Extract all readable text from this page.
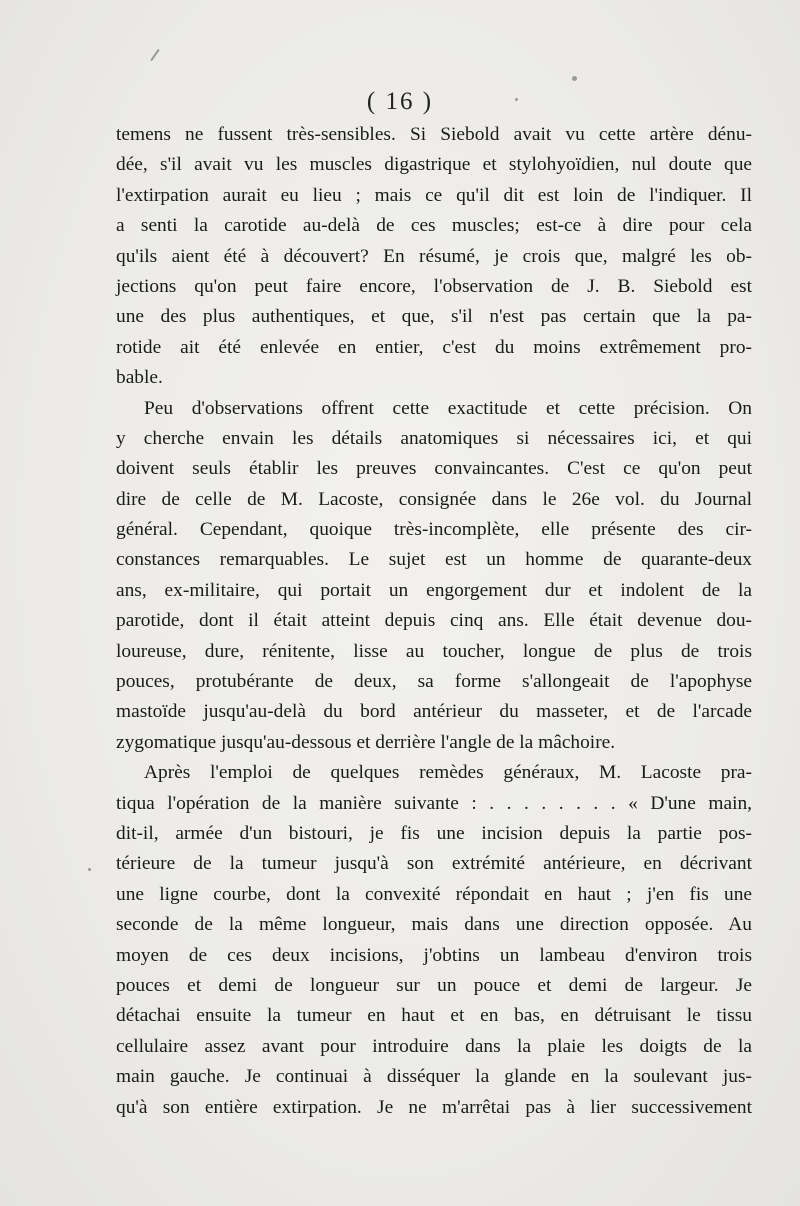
( 16 )
temens ne fussent très-sensibles. Si Siebold avait vu cette artère dénu-
dée, s'il avait vu les muscles digastrique et stylohyoïdien, nul doute que
l'extirpation aurait eu lieu ; mais ce qu'il dit est loin de l'indiquer. Il
a senti la carotide au-delà de ces muscles; est-ce à dire pour cela
qu'ils aient été à découvert? En résumé, je crois que, malgré les ob-
jections qu'on peut faire encore, l'observation de J. B. Siebold est
une des plus authentiques, et que, s'il n'est pas certain que la pa-
rotide ait été enlevée en entier, c'est du moins extrêmement pro-
bable.
Peu d'observations offrent cette exactitude et cette précision. On
y cherche envain les détails anatomiques si nécessaires ici, et qui
doivent seuls établir les preuves convaincantes. C'est ce qu'on peut
dire de celle de M. Lacoste, consignée dans le 26e vol. du Journal
général. Cependant, quoique très-incomplète, elle présente des cir-
constances remarquables. Le sujet est un homme de quarante-deux
ans, ex-militaire, qui portait un engorgement dur et indolent de la
parotide, dont il était atteint depuis cinq ans. Elle était devenue dou-
loureuse, dure, rénitente, lisse au toucher, longue de plus de trois
pouces, protubérante de deux, sa forme s'allongeait de l'apophyse
mastoïde jusqu'au-delà du bord antérieur du masseter, et de l'arcade
zygomatique jusqu'au-dessous et derrière l'angle de la mâchoire.
Après l'emploi de quelques remèdes généraux, M. Lacoste pra-
tiqua l'opération de la manière suivante : . . . . . . . . « D'une main,
dit-il, armée d'un bistouri, je fis une incision depuis la partie pos-
térieure de la tumeur jusqu'à son extrémité antérieure, en décrivant
une ligne courbe, dont la convexité répondait en haut ; j'en fis une
seconde de la même longueur, mais dans une direction opposée. Au
moyen de ces deux incisions, j'obtins un lambeau d'environ trois
pouces et demi de longueur sur un pouce et demi de largeur. Je
détachai ensuite la tumeur en haut et en bas, en détruisant le tissu
cellulaire assez avant pour introduire dans la plaie les doigts de la
main gauche. Je continuai à disséquer la glande en la soulevant jus-
qu'à son entière extirpation. Je ne m'arrêtai pas à lier successivement
